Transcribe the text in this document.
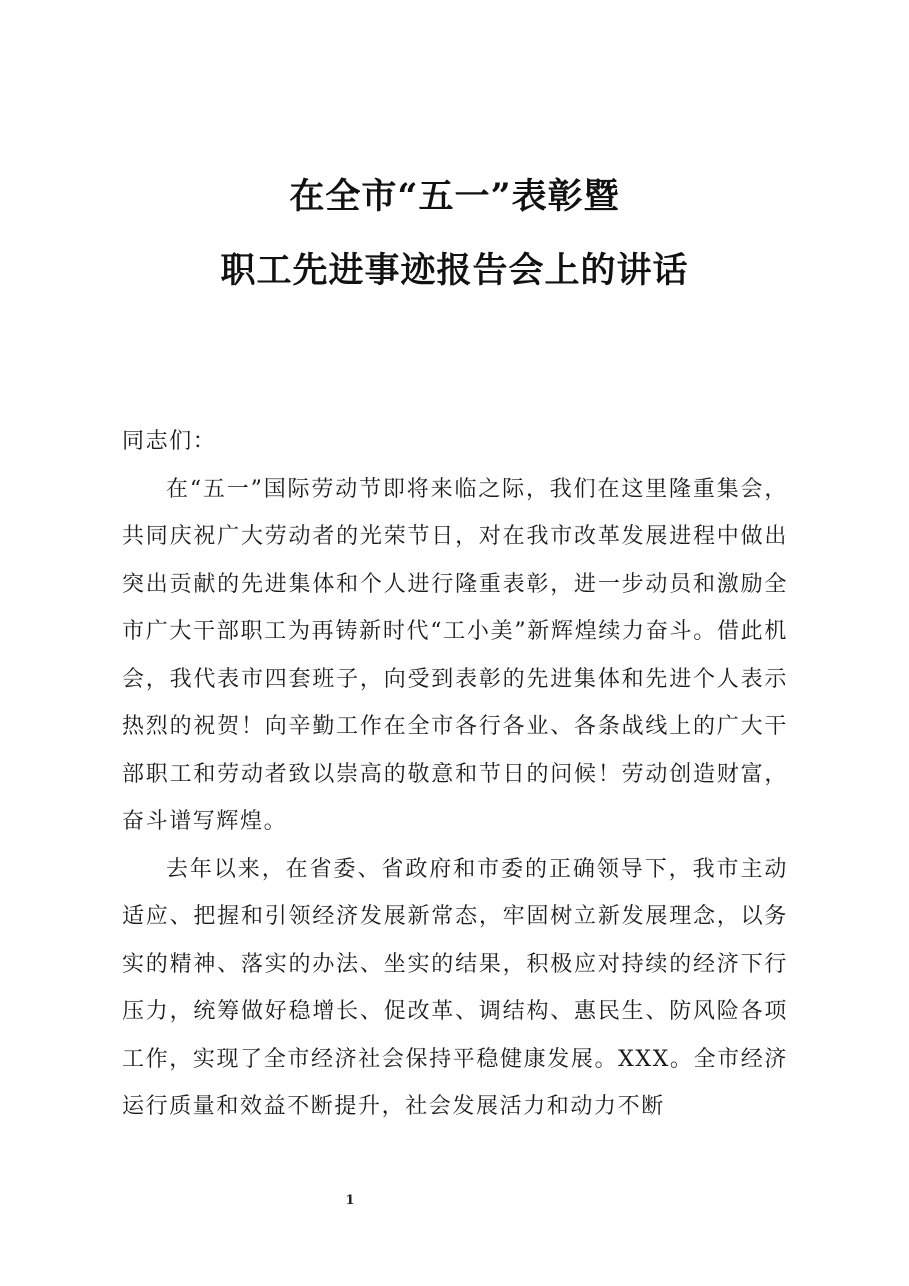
在全市“五一”表彰暨
职工先进事迹报告会上的讲话

同志们：

在“五一”国际劳动节即将来临之际，我们在这里隆重集会，共同庆祝广大劳动者的光荣节日，对在我市改革发展进程中做出突出贡献的先进集体和个人进行隆重表彰，进一步动员和激励全市广大干部职工为再铸新时代“工小美”新辉煌续力奋斗。借此机会，我代表市四套班子，向受到表彰的先进集体和先进个人表示热烈的祝贺！向辛勤工作在全市各行各业、各条战线上的广大干部职工和劳动者致以崇高的敬意和节日的问候！劳动创造财富，奋斗谱写辉煌。

去年以来，在省委、省政府和市委的正确领导下，我市主动适应、把握和引领经济发展新常态，牢固树立新发展理念，以务实的精神、落实的办法、坐实的结果，积极应对持续的经济下行压力，统筹做好稳增长、促改革、调结构、惠民生、防风险各项工作，实现了全市经济社会保持平稳健康发展。XXX。全市经济运行质量和效益不断提升，社会发展活力和动力不断

1
